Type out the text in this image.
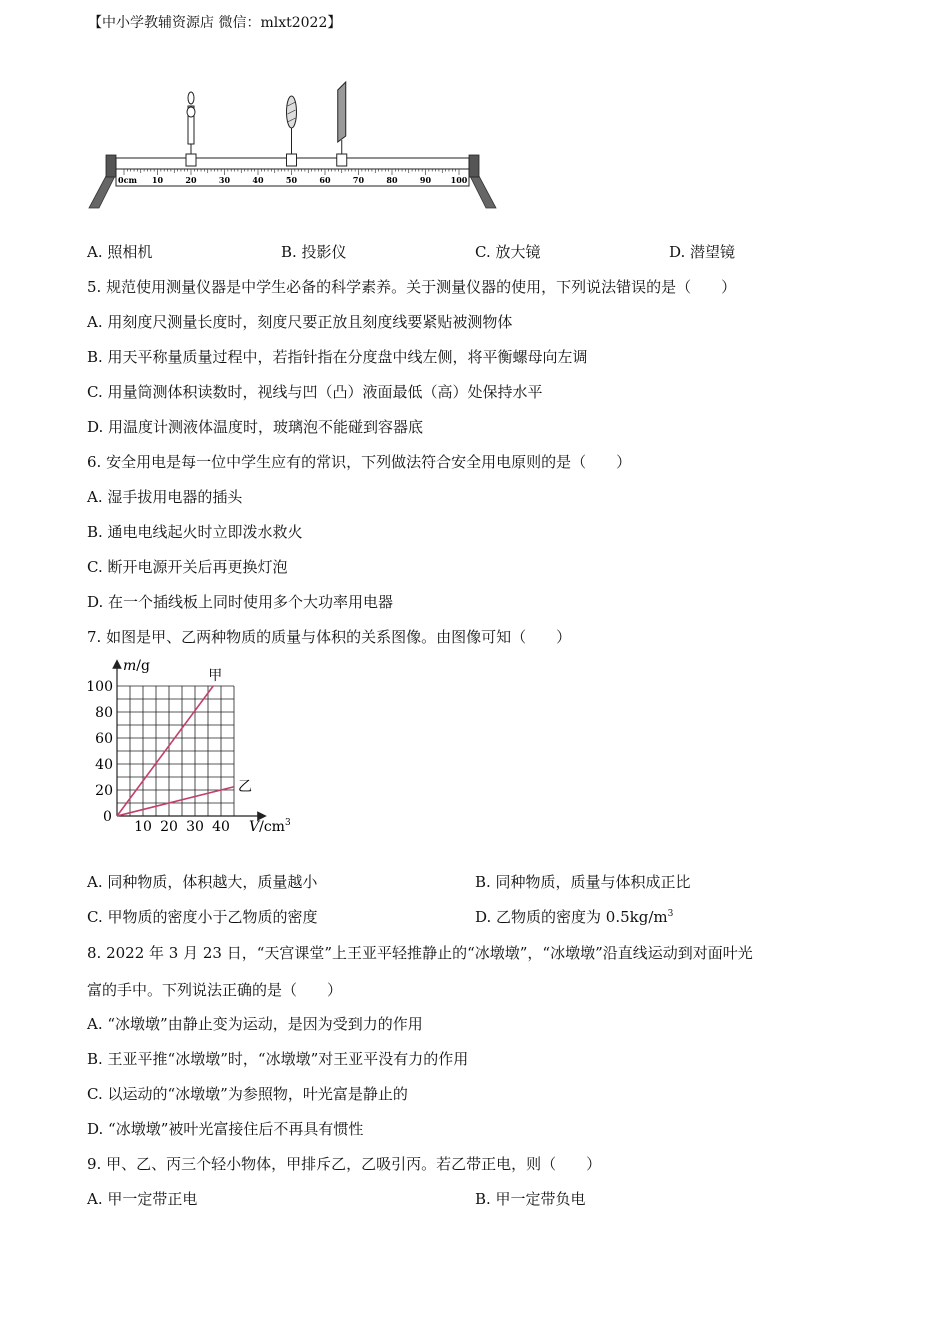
【中小学教辅资源店 微信：mlxt2022】
0cm 10	20	30	40	50	60	70	80	90 100
A. 照相机	B. 投影仪	C. 放大镜	D. 潜望镜
5. 规范使用测量仪器是中学生必备的科学素养。关于测量仪器的使用，下列说法错误的是（　　）
A. 用刻度尺测量长度时，刻度尺要正放且刻度线要紧贴被测物体
B. 用天平称量质量过程中，若指针指在分度盘中线左侧，将平衡螺母向左调
C. 用量筒测体积读数时，视线与凹（凸）液面最低（高）处保持水平
D. 用温度计测液体温度时，玻璃泡不能碰到容器底
6. 安全用电是每一位中学生应有的常识，下列做法符合安全用电原则的是（　　）
A. 湿手拔用电器的插头
B. 通电电线起火时立即泼水救火
C. 断开电源开关后再更换灯泡
D. 在一个插线板上同时使用多个大功率用电器
7. 如图是甲、乙两种物质的质量与体积的关系图像。由图像可知（　　）
甲
乙
10 20 30 40
20
40
60
80
100
m/g
$V/cm^3$
0
A. 同种物质，体积越大，质量越小	B. 同种物质，质量与体积成正比
C. 甲物质的密度小于乙物质的密度	D. 乙物质的密度为 $0.5kg/m^3$
8. 2022 年 3 月 23 日，“天宫课堂”上王亚平轻推静止的“冰墩墩”，“冰墩墩”沿直线运动到对面叶光
富的手中。下列说法正确的是（　　）
A. “冰墩墩”由静止变为运动，是因为受到力的作用
B. 王亚平推“冰墩墩”时，“冰墩墩”对王亚平没有力的作用
C. 以运动的“冰墩墩”为参照物，叶光富是静止的
D. “冰墩墩”被叶光富接住后不再具有惯性
9. 甲、乙、丙三个轻小物体，甲排斥乙，乙吸引丙。若乙带正电，则（　　）
A. 甲一定带正电	B. 甲一定带负电
